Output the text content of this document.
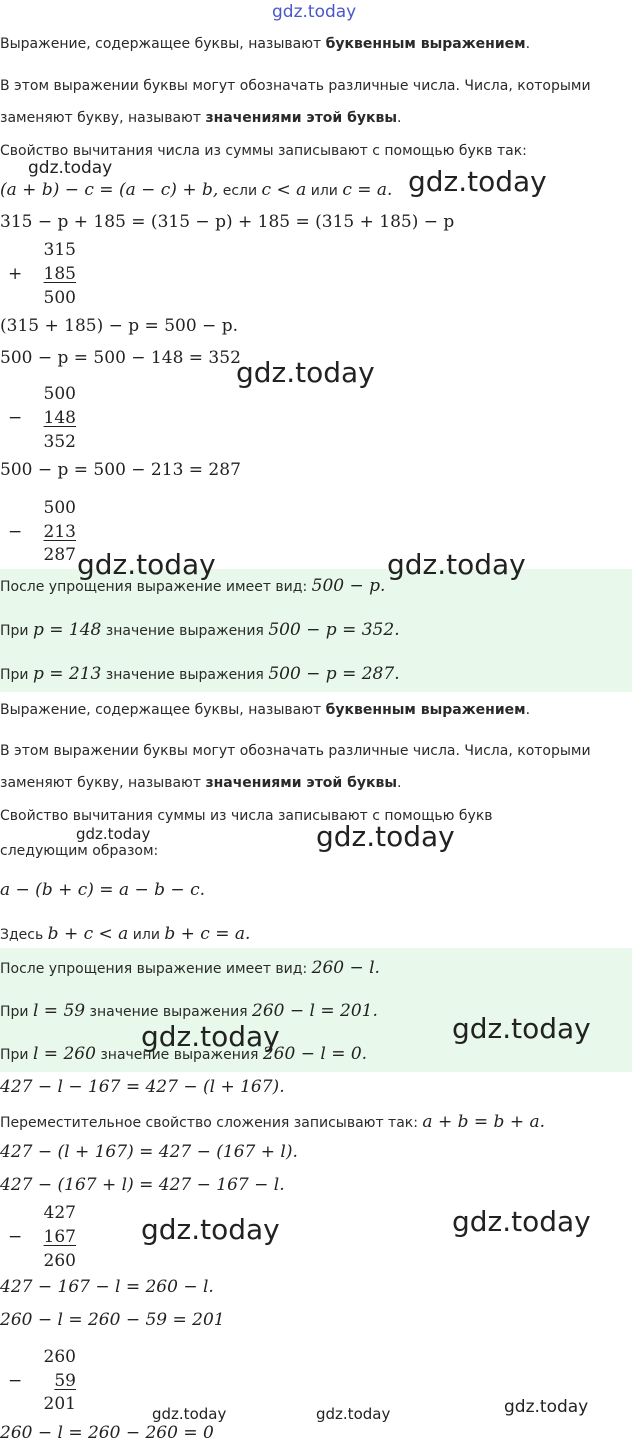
gdz.today
Выражение, содержащее буквы, называют буквенным выражением.
В этом выражении буквы могут обозначать различные числа. Числа, которыми
заменяют букву, называют значениями этой буквы.
Свойство вычитания числа из суммы записывают с помощью букв так:
(a + b) − c = (a − c) + b, если c < a или c = a.
315 − p + 185 = (315 − p) + 185 = (315 + 185) − p
315
+	185
500
(315 + 185) − p = 500 − p.
500 − p = 500 − 148 = 352
500
−	148
352
500 − p = 500 − 213 = 287
500
−	213
287
После упрощения выражение имеет вид: 500 − p.
При p = 148 значение выражения 500 − p = 352.
При p = 213 значение выражения 500 − p = 287.
Выражение, содержащее буквы, называют буквенным выражением.
В этом выражении буквы могут обозначать различные числа. Числа, которыми
заменяют букву, называют значениями этой буквы.
Свойство вычитания суммы из числа записывают с помощью букв
следующим образом:
a − (b + c) = a − b − c.
Здесь b + c < a или b + c = a.
После упрощения выражение имеет вид: 260 − l.
При l = 59 значение выражения 260 − l = 201.
При l = 260 значение выражения 260 − l = 0.
427 − l − 167 = 427 − (l + 167).
Переместительное свойство сложения записывают так: a + b = b + a.
427 − (l + 167) = 427 − (167 + l).
427 − (167 + l) = 427 − 167 − l.
427
−	167
260
427 − 167 − l = 260 − l.
260 − l = 260 − 59 = 201
260
−	59
201
260 − l = 260 − 260 = 0
gdz.today	gdz.today
gdz.today
gdz.today	gdz.today
gdz.today	gdz.today
gdz.today	gdz.today
gdz.today	gdz.today
gdz.today	gdz.today	gdz.today
